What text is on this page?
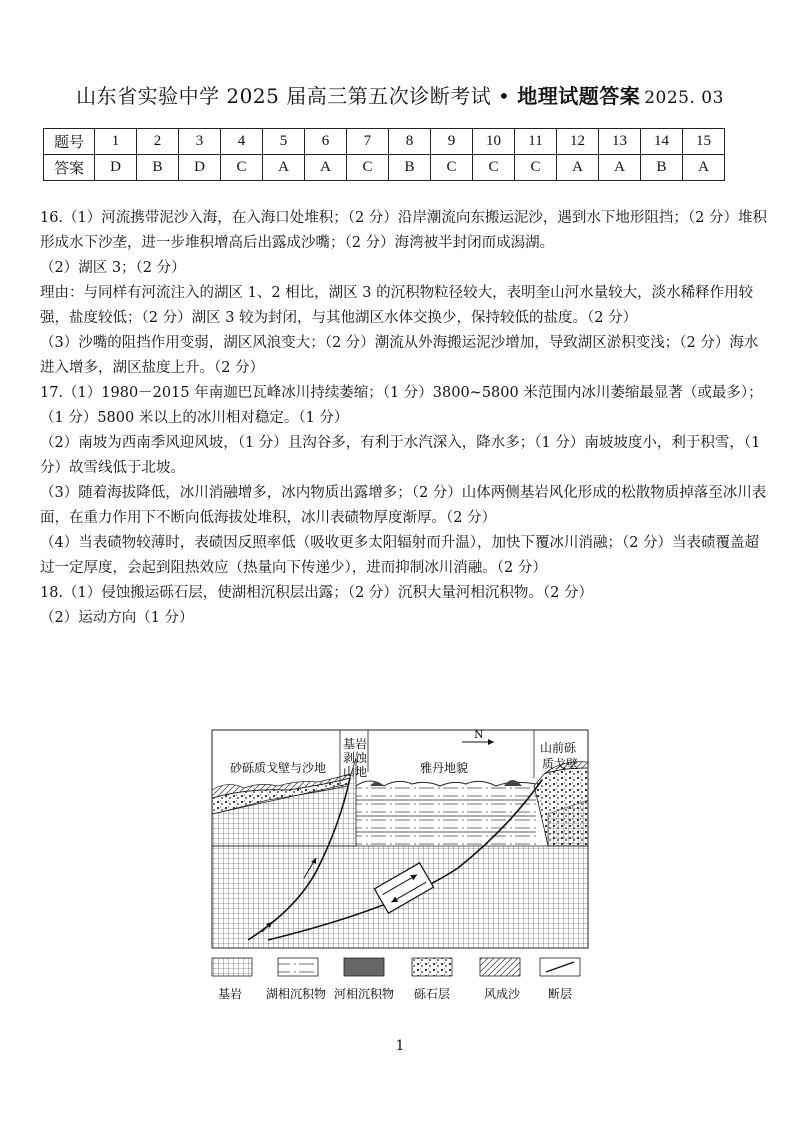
山东省实验中学 2025 届高三第五次诊断考试 • 地理试题答案 2025. 03
题号	1	2	3	4	5	6	7	8	9	10	11	12	13	14	15
答案	D	B	D	C	A	A	C	B	C	C	C	A	A	B	A

16.（1）河流携带泥沙入海，在入海口处堆积；（2 分）沿岸潮流向东搬运泥沙，遇到水下地形阻挡；（2 分）堆积形成水下沙垄，进一步堆积增高后出露成沙嘴；（2 分）海湾被半封闭而成潟湖。

（2）湖区 3；（2 分）

理由：与同样有河流注入的湖区 1、2 相比，湖区 3 的沉积物粒径较大，表明奎山河水量较大，淡水稀释作用较强，盐度较低；（2 分）湖区 3 较为封闭，与其他湖区水体交换少，保持较低的盐度。（2 分）

（3）沙嘴的阻挡作用变弱，湖区风浪变大；（2 分）潮流从外海搬运泥沙增加，导致湖区淤积变浅；（2 分）海水进入增多，湖区盐度上升。（2 分）

17.（1）1980－2015 年南迦巴瓦峰冰川持续萎缩；（1 分）3800~5800 米范围内冰川萎缩最显著（或最多）；（1 分）5800 米以上的冰川相对稳定。（1 分）

（2）南坡为西南季风迎风坡，（1 分）且沟谷多，有利于水汽深入，降水多；（1 分）南坡坡度小，利于积雪，（1 分）故雪线低于北坡。

（3）随着海拔降低，冰川消融增多，冰内物质出露增多；（2 分）山体两侧基岩风化形成的松散物质掉落至冰川表面，在重力作用下不断向低海拔处堆积，冰川表碛物厚度渐厚。（2 分）

（4）当表碛物较薄时，表碛因反照率低（吸收更多太阳辐射而升温），加快下覆冰川消融；（2 分）当表碛覆盖超过一定厚度，会起到阻热效应（热量向下传递少），进而抑制冰川消融。（2 分）

18.（1）侵蚀搬运砾石层，使湖相沉积层出露；（2 分）沉积大量河相沉积物。（2 分）

（2）运动方向（1 分）

砂砾质戈壁与沙地
基岩
剥蚀
山地	雅丹地貌
山前砾
质戈壁
N
基岩 湖相沉积物 河相沉积物 砾石层	风成沙 断层
1
